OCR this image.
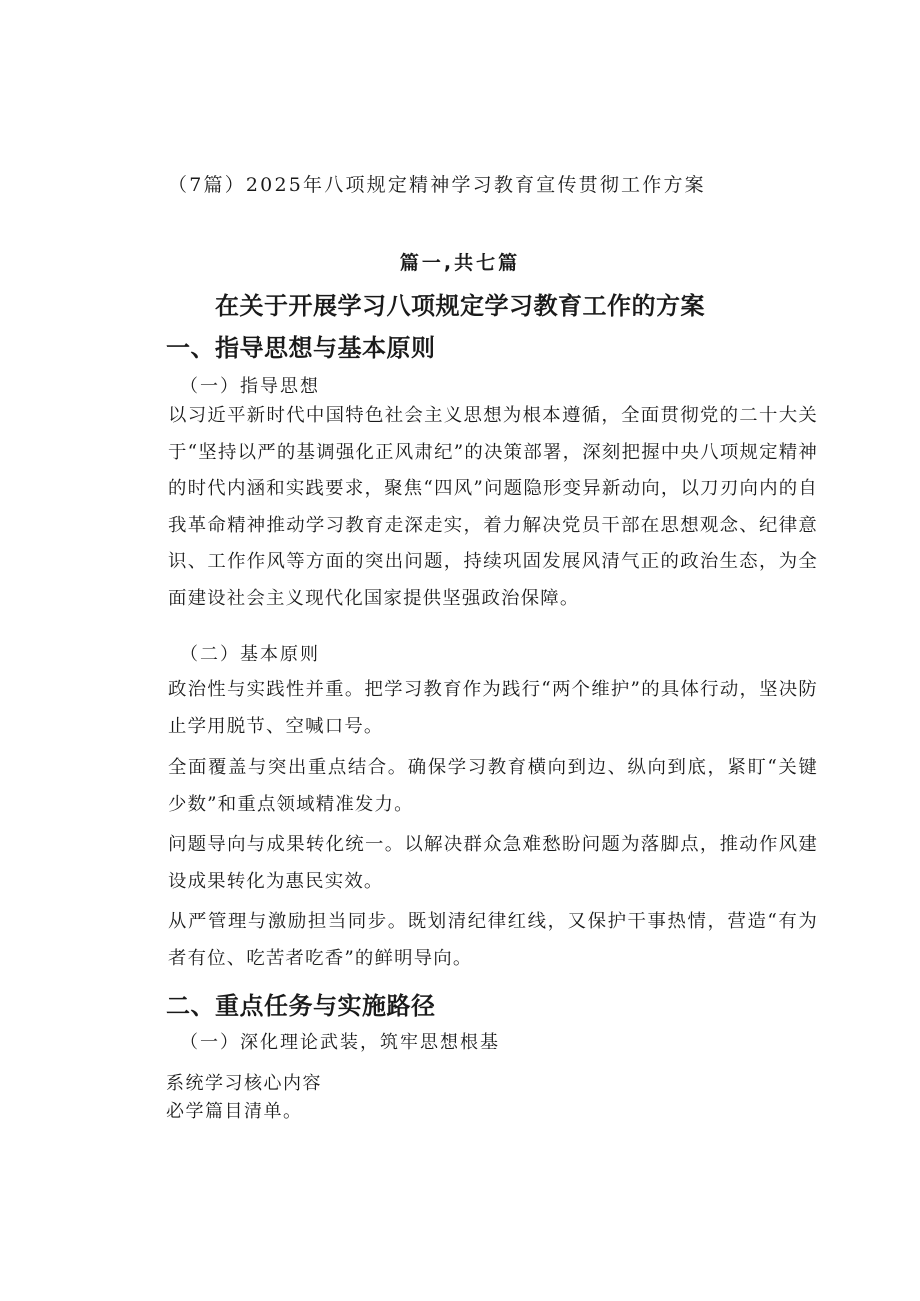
（7篇）2025年八项规定精神学习教育宣传贯彻工作方案

篇一,共七篇

在关于开展学习八项规定学习教育工作的方案

一、指导思想与基本原则

（一）指导思想

以习近平新时代中国特色社会主义思想为根本遵循，全面贯彻党的二十大关于“坚持以严的基调强化正风肃纪”的决策部署，深刻把握中央八项规定精神的时代内涵和实践要求，聚焦“四风”问题隐形变异新动向，以刀刃向内的自我革命精神推动学习教育走深走实，着力解决党员干部在思想观念、纪律意识、工作作风等方面的突出问题，持续巩固发展风清气正的政治生态，为全面建设社会主义现代化国家提供坚强政治保障。

（二）基本原则

政治性与实践性并重。把学习教育作为践行“两个维护”的具体行动，坚决防止学用脱节、空喊口号。

全面覆盖与突出重点结合。确保学习教育横向到边、纵向到底，紧盯“关键少数”和重点领域精准发力。

问题导向与成果转化统一。以解决群众急难愁盼问题为落脚点，推动作风建设成果转化为惠民实效。

从严管理与激励担当同步。既划清纪律红线，又保护干事热情，营造“有为者有位、吃苦者吃香”的鲜明导向。

二、重点任务与实施路径

（一）深化理论武装，筑牢思想根基

系统学习核心内容

必学篇目清单。
